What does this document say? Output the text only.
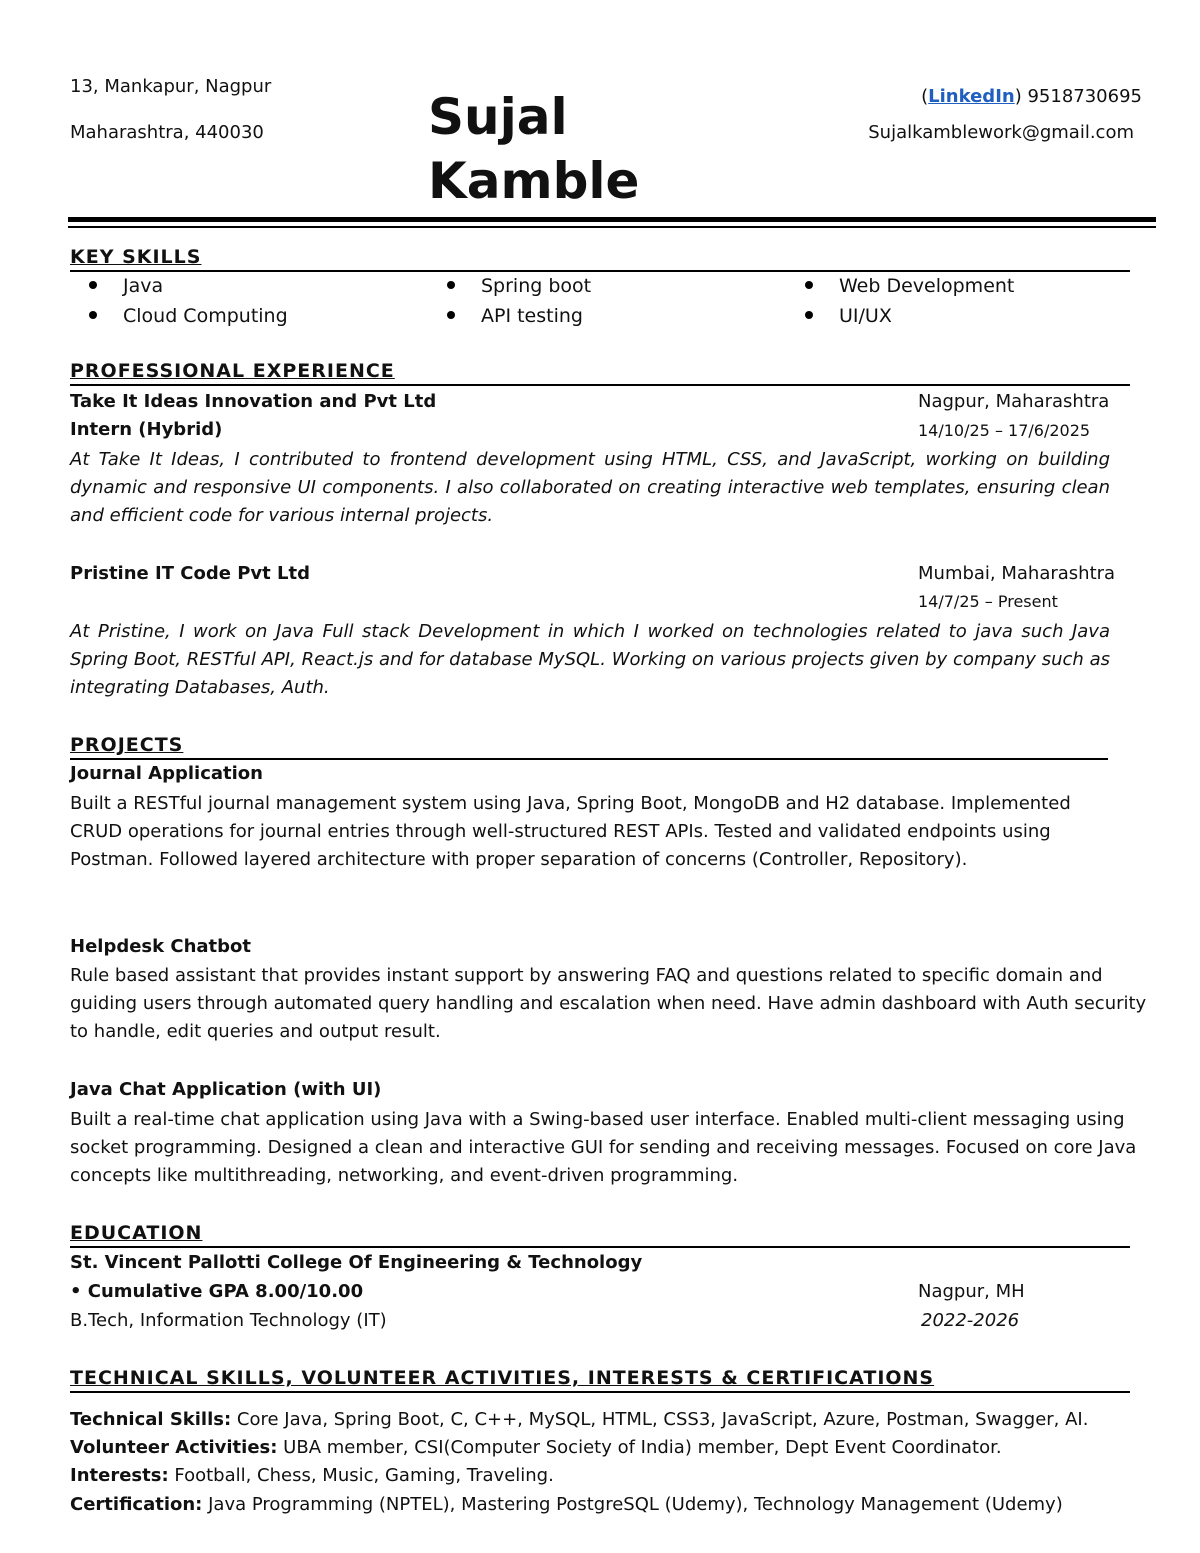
13, Mankapur, Nagpur
Maharashtra, 440030	Sujal
Kamble
(LinkedIn) 9518730695
Sujalkamblework@gmail.com
KEY SKILLS
Java
Cloud Computing
Spring boot
API testing
Web Development
UI/UX
PROFESSIONAL EXPERIENCE
Take It Ideas Innovation and Pvt Ltd	Nagpur, Maharashtra
Intern (Hybrid)	14/10/25 – 17/6/2025
At Take It Ideas, I contributed to frontend development using HTML, CSS, and JavaScript, working on building dynamic and responsive UI components. I also collaborated on creating interactive web templates, ensuring clean and efficient code for various internal projects.
Pristine IT Code Pvt Ltd	Mumbai, Maharashtra
14/7/25 – Present
At Pristine, I work on Java Full stack Development in which I worked on technologies related to java such Java Spring Boot, RESTful API, React.js and for database MySQL. Working on various projects given by company such as integrating Databases, Auth.
PROJECTS
Journal Application
Built a RESTful journal management system using Java, Spring Boot, MongoDB and H2 database. Implemented CRUD operations for journal entries through well-structured REST APIs. Tested and validated endpoints using Postman. Followed layered architecture with proper separation of concerns (Controller, Repository).
Helpdesk Chatbot
Rule based assistant that provides instant support by answering FAQ and questions related to specific domain and guiding users through automated query handling and escalation when need. Have admin dashboard with Auth security to handle, edit queries and output result.
Java Chat Application (with UI)
Built a real-time chat application using Java with a Swing-based user interface. Enabled multi-client messaging using socket programming. Designed a clean and interactive GUI for sending and receiving messages. Focused on core Java concepts like multithreading, networking, and event-driven programming.
EDUCATION
St. Vincent Pallotti College Of Engineering & Technology
• Cumulative GPA 8.00/10.00	Nagpur, MH
B.Tech, Information Technology (IT)	2022-2026
TECHNICAL SKILLS, VOLUNTEER ACTIVITIES, INTERESTS & CERTIFICATIONS
Technical Skills: Core Java, Spring Boot, C, C++, MySQL, HTML, CSS3, JavaScript, Azure, Postman, Swagger, AI.
Volunteer Activities: UBA member, CSI(Computer Society of India) member, Dept Event Coordinator.
Interests: Football, Chess, Music, Gaming, Traveling.
Certification: Java Programming (NPTEL), Mastering PostgreSQL (Udemy), Technology Management (Udemy)
